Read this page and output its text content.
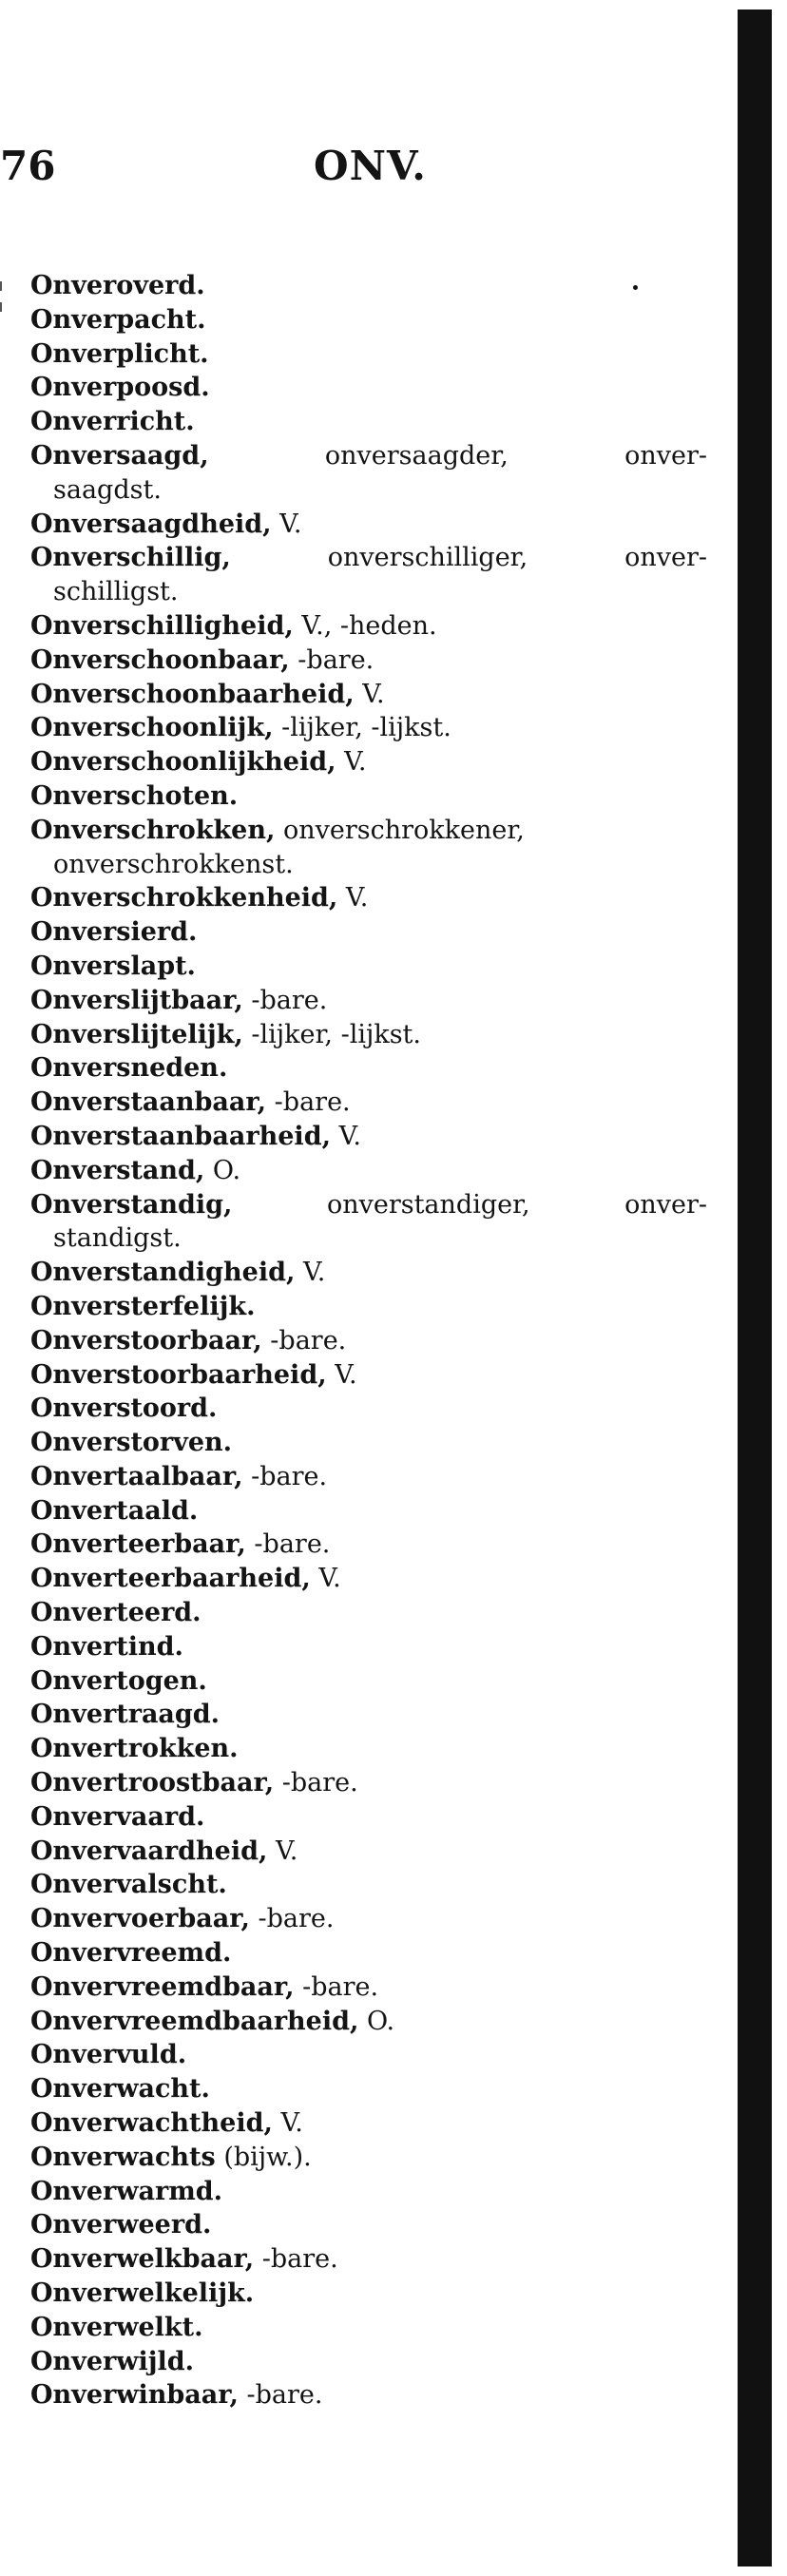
76	ONV.
Onveroverd.
Onverpacht.
Onverplicht.
Onverpoosd.
Onverricht.
Onversaagd,	onversaagder,	onver-
saagdst.
Onversaagdheid, V.
Onverschillig,	onverschilliger,	onver-
schilligst.
Onverschilligheid, V., -heden.
Onverschoonbaar, -bare.
Onverschoonbaarheid, V.
Onverschoonlijk, -lijker, -lijkst.
Onverschoonlijkheid, V.
Onverschoten.
Onverschrokken, onverschrokkener,
onverschrokkenst.
Onverschrokkenheid, V.
Onversierd.
Onverslapt.
Onverslijtbaar, -bare.
Onverslijtelijk, -lijker, -lijkst.
Onversneden.
Onverstaanbaar, -bare.
Onverstaanbaarheid, V.
Onverstand, O.
Onverstandig,	onverstandiger,	onver-
standigst.
Onverstandigheid, V.
Onversterfelijk.
Onverstoorbaar, -bare.
Onverstoorbaarheid, V.
Onverstoord.
Onverstorven.
Onvertaalbaar, -bare.
Onvertaald.
Onverteerbaar, -bare.
Onverteerbaarheid, V.
Onverteerd.
Onvertind.
Onvertogen.
Onvertraagd.
Onvertrokken.
Onvertroostbaar, -bare.
Onvervaard.
Onvervaardheid, V.
Onvervalscht.
Onvervoerbaar, -bare.
Onvervreemd.
Onvervreemdbaar, -bare.
Onvervreemdbaarheid, O.
Onvervuld.
Onverwacht.
Onverwachtheid, V.
Onverwachts (bijw.).
Onverwarmd.
Onverweerd.
Onverwelkbaar, -bare.
Onverwelkelijk.
Onverwelkt.
Onverwijld.
Onverwinbaar, -bare.
